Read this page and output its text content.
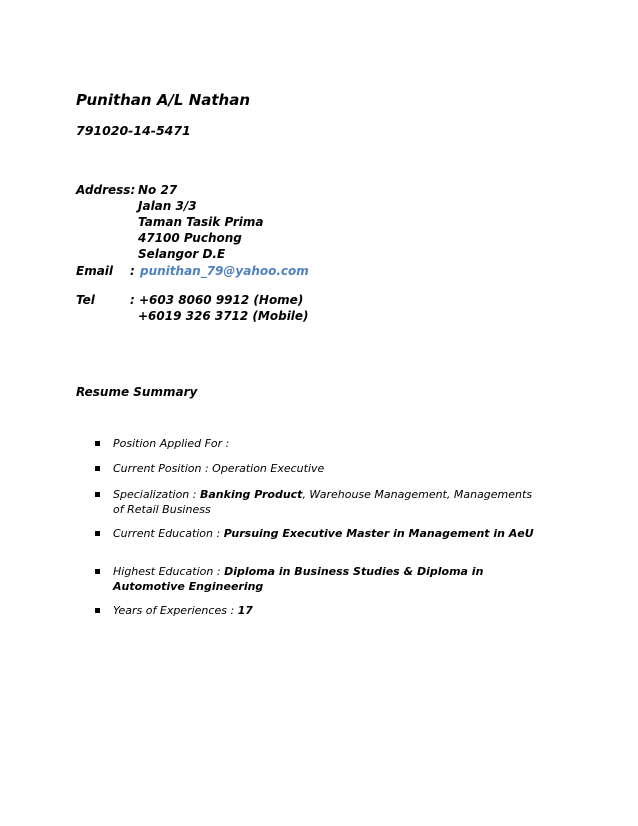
Punithan A/L Nathan
791020-14-5471
Address: No 27
Jalan 3/3
Taman Tasik Prima
47100 Puchong
Selangor D.E
Email : punithan_79@yahoo.com
Tel	: +603 8060 9912 (Home)
+6019 326 3712 (Mobile)
Resume Summary
Position Applied For :
Current Position : Operation Executive
Specialization : Banking Product, Warehouse Management, Managements of Retail Business
Current Education : Pursuing Executive Master in Management in AeU
Highest Education : Diploma in Business Studies & Diploma in Automotive Engineering
Years of Experiences : 17
